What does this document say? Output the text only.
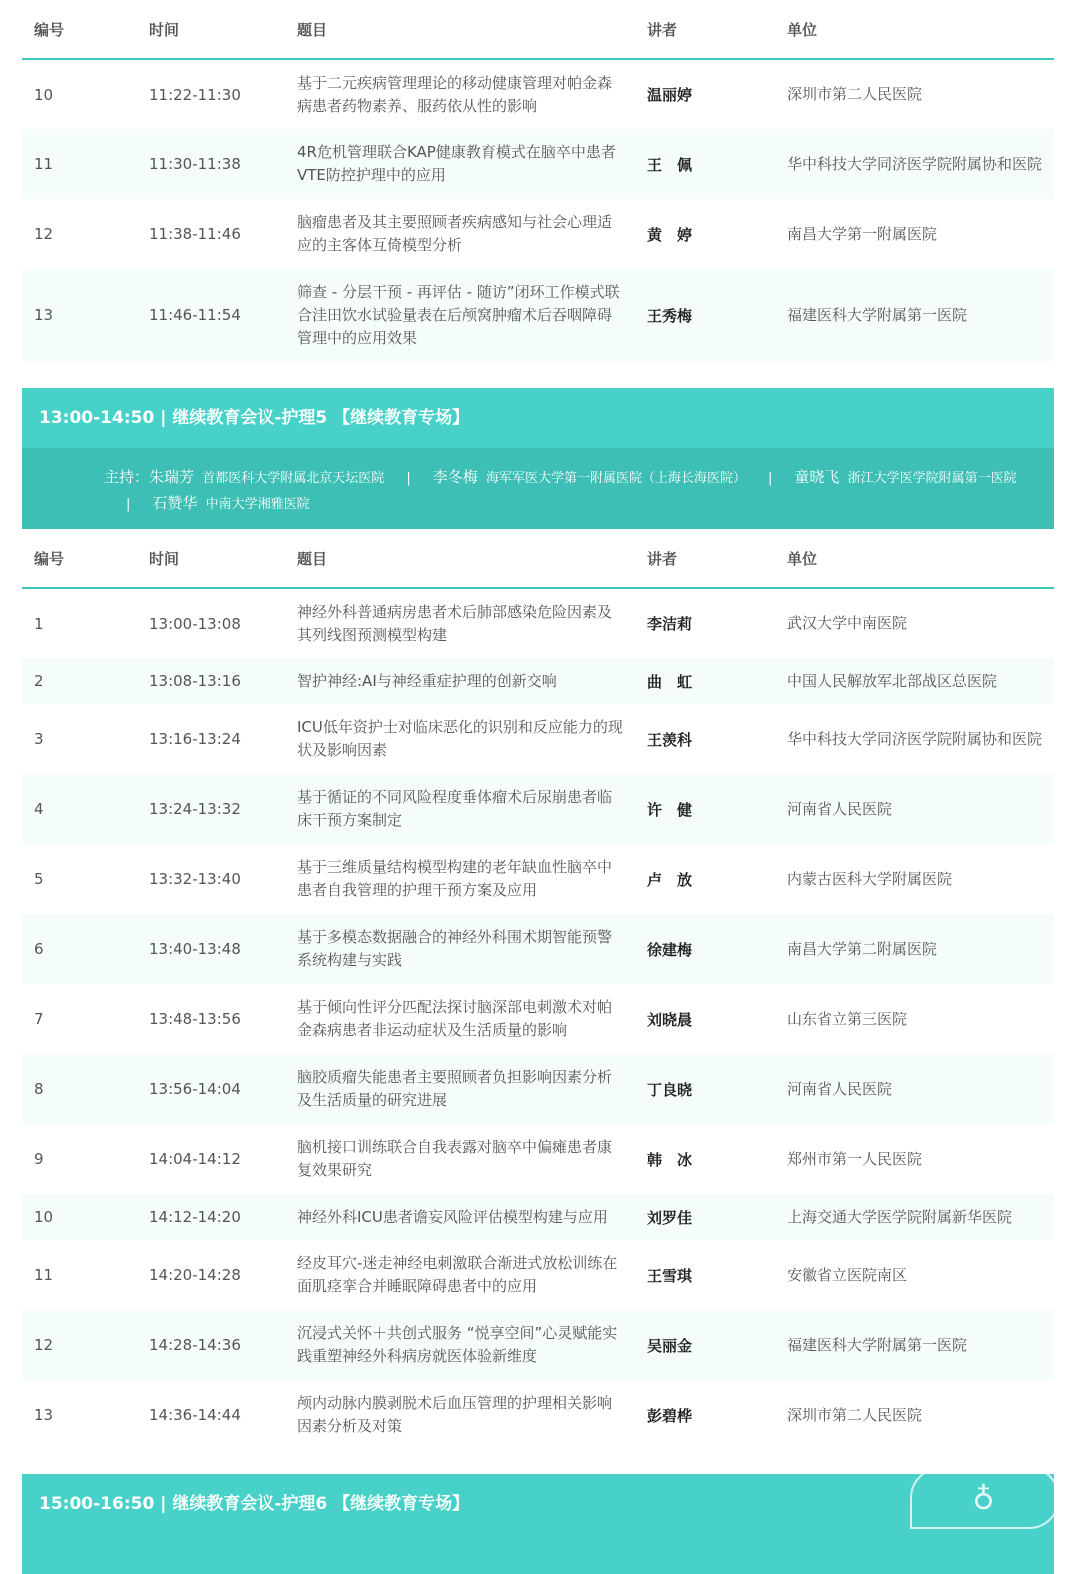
编号	时间	题目	讲者	单位
10	11:22-11:30	基于二元疾病管理理论的移动健康管理对帕金森病患者药物素养、服药依从性的影响	温丽婷	深圳市第二人民医院
11	11:30-11:38	4R危机管理联合KAP健康教育模式在脑卒中患者VTE防控护理中的应用	王　佩	华中科技大学同济医学院附属协和医院
12	11:38-11:46	脑瘤患者及其主要照顾者疾病感知与社会心理适应的主客体互倚模型分析	黄　婷	南昌大学第一附属医院
13	11:46-11:54	筛查 - 分层干预 - 再评估 - 随访”闭环工作模式联合洼田饮水试验量表在后颅窝肿瘤术后吞咽障碍管理中的应用效果	王秀梅	福建医科大学附属第一医院
13:00-14:50 | 继续教育会议-护理5 【继续教育专场】
主持：朱瑞芳 首都医科大学附属北京天坛医院 | 李冬梅 海军军医大学第一附属医院（上海长海医院） | 童晓飞 浙江大学医学院附属第一医院| 石赞华 中南大学湘雅医院
编号	时间	题目	讲者	单位
1	13:00-13:08	神经外科普通病房患者术后肺部感染危险因素及其列线图预测模型构建	李洁莉	武汉大学中南医院
2	13:08-13:16	智护神经:AI与神经重症护理的创新交响	曲　虹	中国人民解放军北部战区总医院
3	13:16-13:24	ICU低年资护士对临床恶化的识别和反应能力的现状及影响因素	王羡科	华中科技大学同济医学院附属协和医院
4	13:24-13:32	基于循证的不同风险程度垂体瘤术后尿崩患者临床干预方案制定	许　健	河南省人民医院
5	13:32-13:40	基于三维质量结构模型构建的老年缺血性脑卒中患者自我管理的护理干预方案及应用	卢　放	内蒙古医科大学附属医院
6	13:40-13:48	基于多模态数据融合的神经外科围术期智能预警系统构建与实践	徐建梅	南昌大学第二附属医院
7	13:48-13:56	基于倾向性评分匹配法探讨脑深部电刺激术对帕金森病患者非运动症状及生活质量的影响	刘晓晨	山东省立第三医院
8	13:56-14:04	脑胶质瘤失能患者主要照顾者负担影响因素分析及生活质量的研究进展	丁良晓	河南省人民医院
9	14:04-14:12	脑机接口训练联合自我表露对脑卒中偏瘫患者康复效果研究	韩　冰	郑州市第一人民医院
10	14:12-14:20	神经外科ICU患者谵妄风险评估模型构建与应用	刘罗佳	上海交通大学医学院附属新华医院
11	14:20-14:28	经皮耳穴-迷走神经电刺激联合渐进式放松训练在面肌痉挛合并睡眠障碍患者中的应用	王雪琪	安徽省立医院南区
12	14:28-14:36	沉浸式关怀＋共创式服务 “悦享空间”心灵赋能实践重塑神经外科病房就医体验新维度	吴丽金	福建医科大学附属第一医院
13	14:36-14:44	颅内动脉内膜剥脱术后血压管理的护理相关影响因素分析及对策	彭碧桦	深圳市第二人民医院
15:00-16:50 | 继续教育会议-护理6 【继续教育专场】	♁
